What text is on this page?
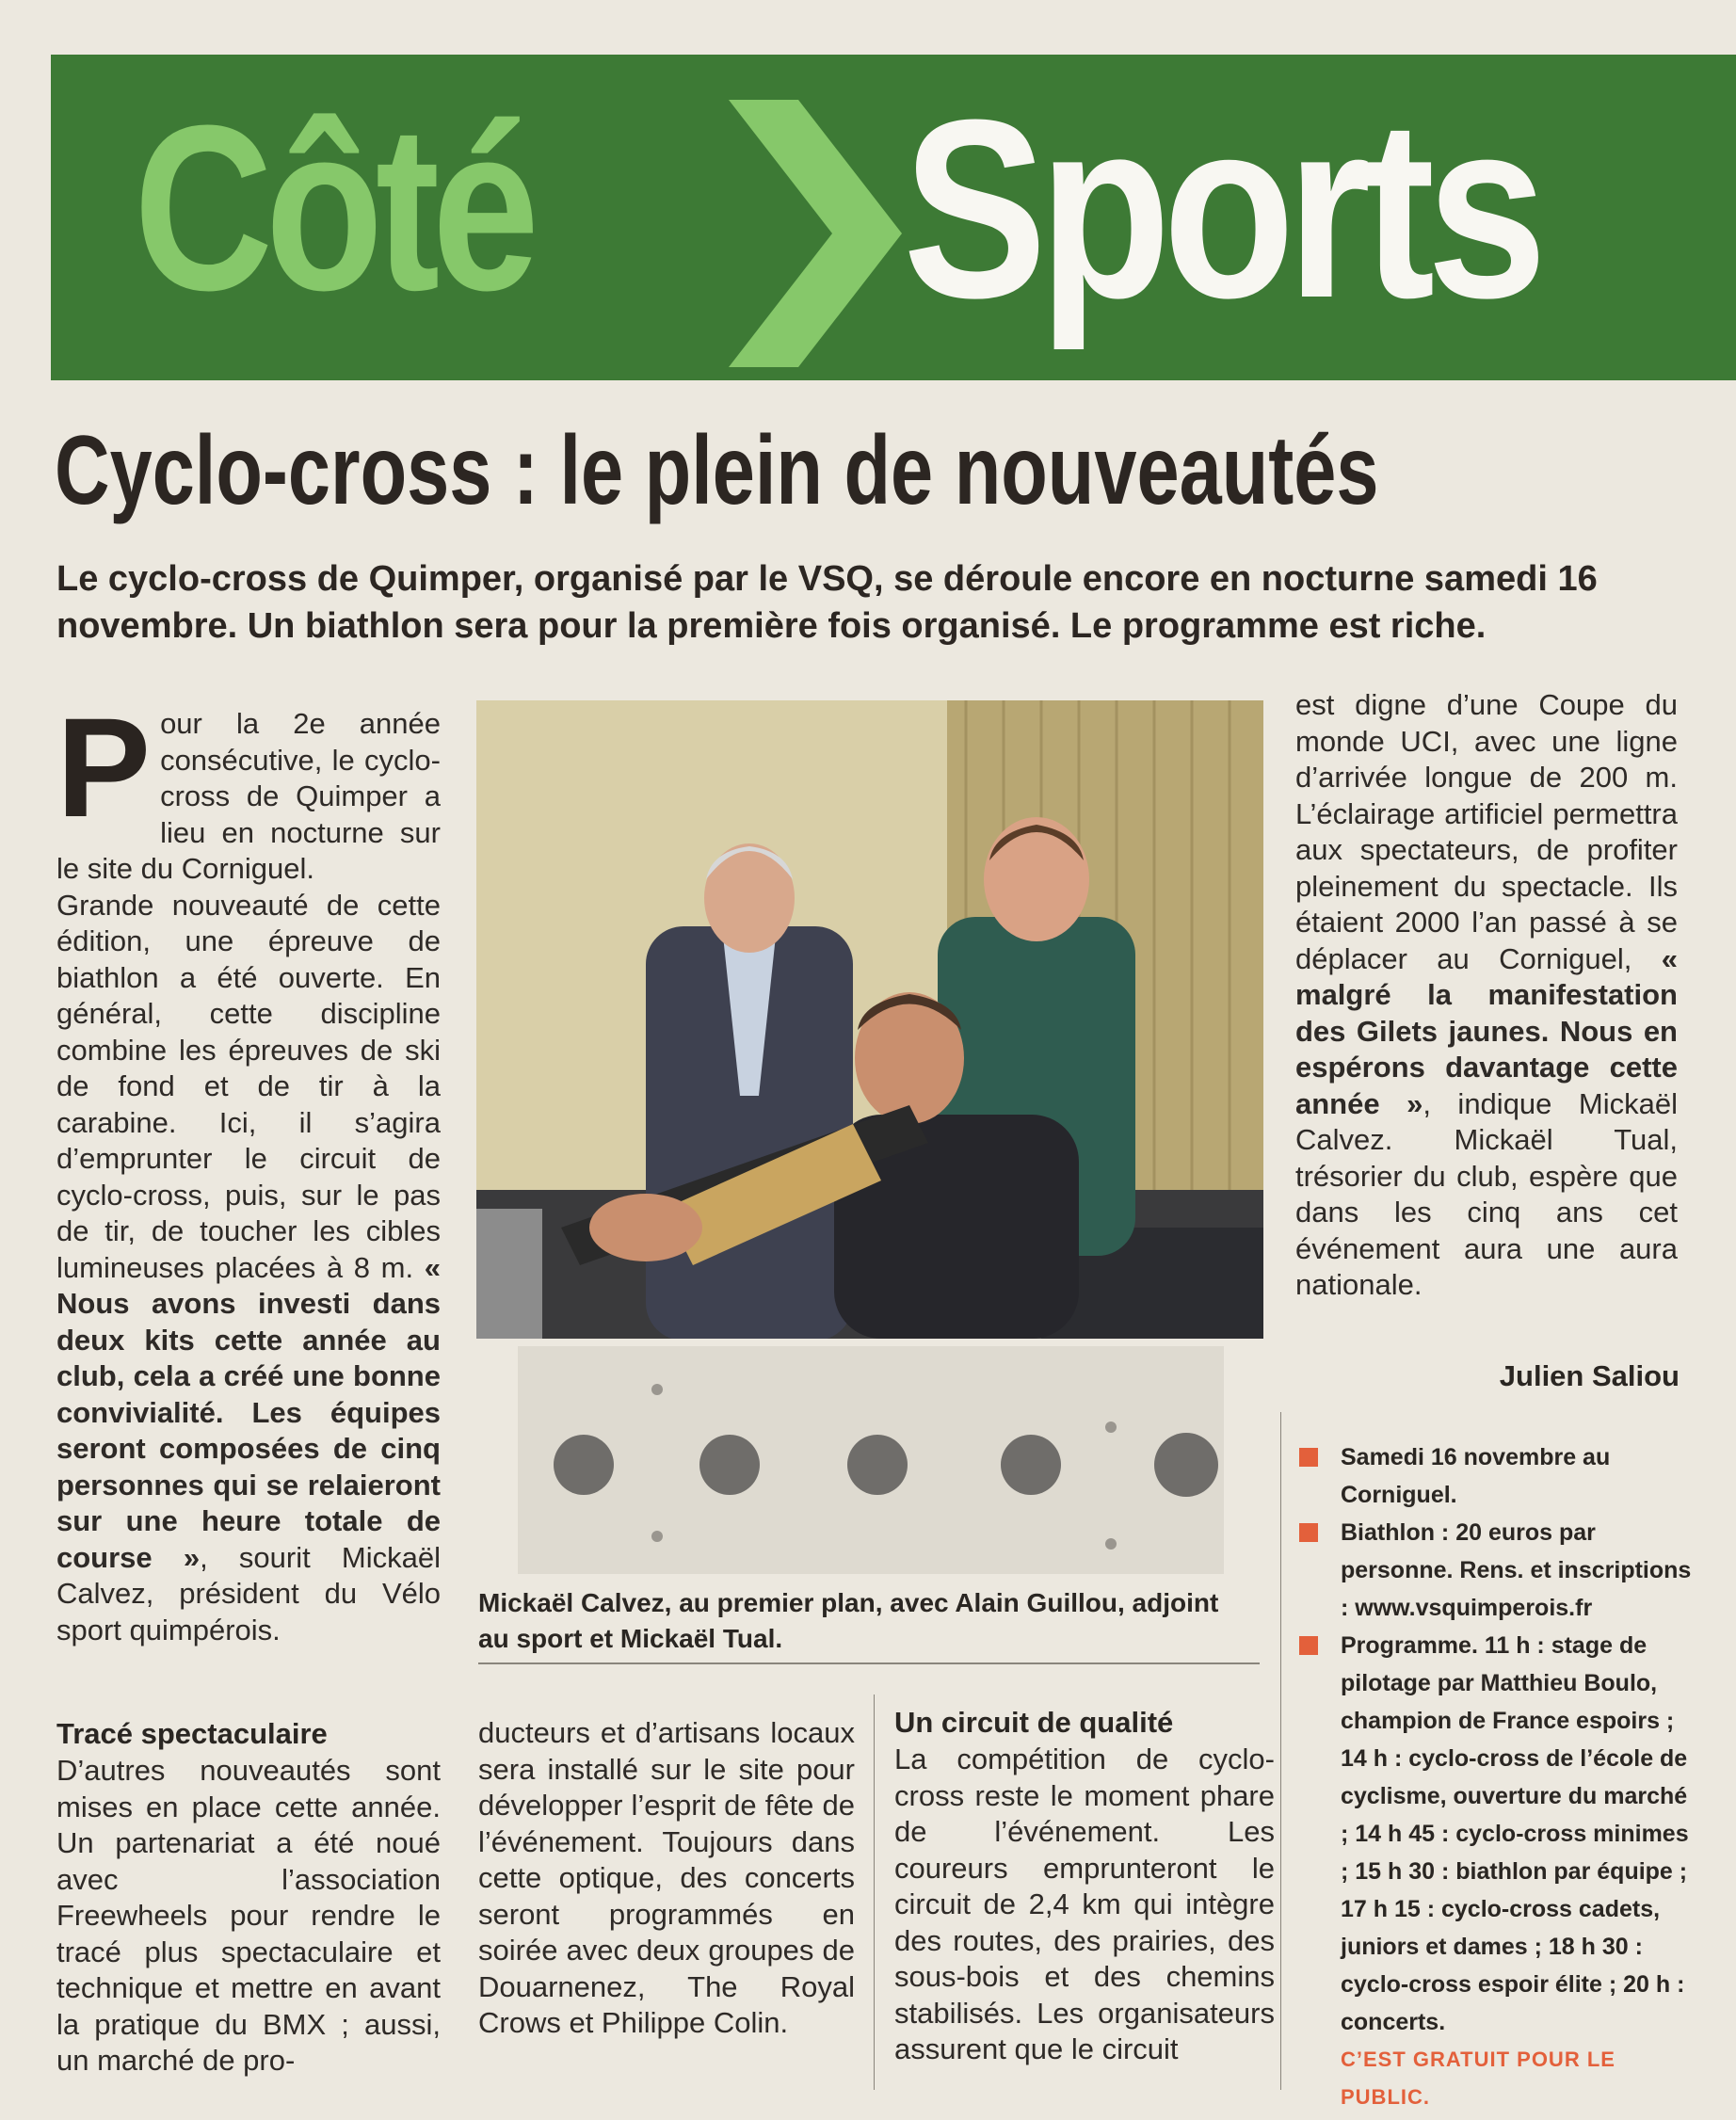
Côté Sports
Cyclo-cross : le plein de nouveautés
Le cyclo-cross de Quimper, organisé par le VSQ, se déroule encore en nocturne samedi 16 novembre. Un biathlon sera pour la première fois organisé. Le programme est riche.
P our la 2e année consécutive, le cyclo-cross de Quimper a lieu en nocturne sur le site du Corniguel.

Grande nouveauté de cette édition, une épreuve de biathlon a été ouverte. En général, cette discipline combine les épreuves de ski de fond et de tir à la carabine. Ici, il s’agira d’emprunter le circuit de cyclo-cross, puis, sur le pas de tir, de toucher les cibles lumineuses placées à 8 m. « Nous avons investi dans deux kits cette année au club, cela a créé une bonne convivialité. Les équipes seront composées de cinq personnes qui se relaieront sur une heure totale de course », sourit Mickaël Calvez, président du Vélo sport quimpérois.

Mickaël Calvez, au premier plan, avec Alain Guillou, adjoint au sport et Mickaël Tual.

est digne d’une Coupe du monde UCI, avec une ligne d’arrivée longue de 200 m. L’éclairage artificiel permettra aux spectateurs, de profiter pleinement du spectacle. Ils étaient 2000 l’an passé à se déplacer au Corniguel, « malgré la manifestation des Gilets jaunes. Nous en espérons davantage cette année », indique Mickaël Calvez. Mickaël Tual, trésorier du club, espère que dans les cinq ans cet événement aura une aura nationale.

Julien Saliou

Tracé spectaculaire

D’autres nouveautés sont mises en place cette année. Un partenariat a été noué avec l’association Freewheels pour rendre le tracé plus spectaculaire et technique et mettre en avant la pratique du BMX ; aussi, un marché de pro-

ducteurs et d’artisans locaux sera installé sur le site pour développer l’esprit de fête de l’événement. Toujours dans cette optique, des concerts seront programmés en soirée avec deux groupes de Douarnenez, The Royal Crows et Philippe Colin.

Un circuit de qualité

La compétition de cyclo-cross reste le moment phare de l’événement. Les coureurs emprunteront le circuit de 2,4 km qui intègre des routes, des prairies, des sous-bois et des chemins stabilisés. Les organisateurs assurent que le circuit

Samedi 16 novembre au Corniguel.
Biathlon : 20 euros par personne. Rens. et inscriptions : www.vsquimperois.fr
Programme. 11 h : stage de pilotage par Matthieu Boulo, champion de France espoirs ; 14 h : cyclo-cross de l’école de cyclisme, ouverture du marché ; 14 h 45 : cyclo-cross minimes ; 15 h 30 : biathlon par équipe ; 17 h 15 : cyclo-cross cadets, juniors et dames ; 18 h 30 : cyclo-cross espoir élite ; 20 h : concerts.
C’EST GRATUIT POUR LE PUBLIC.
